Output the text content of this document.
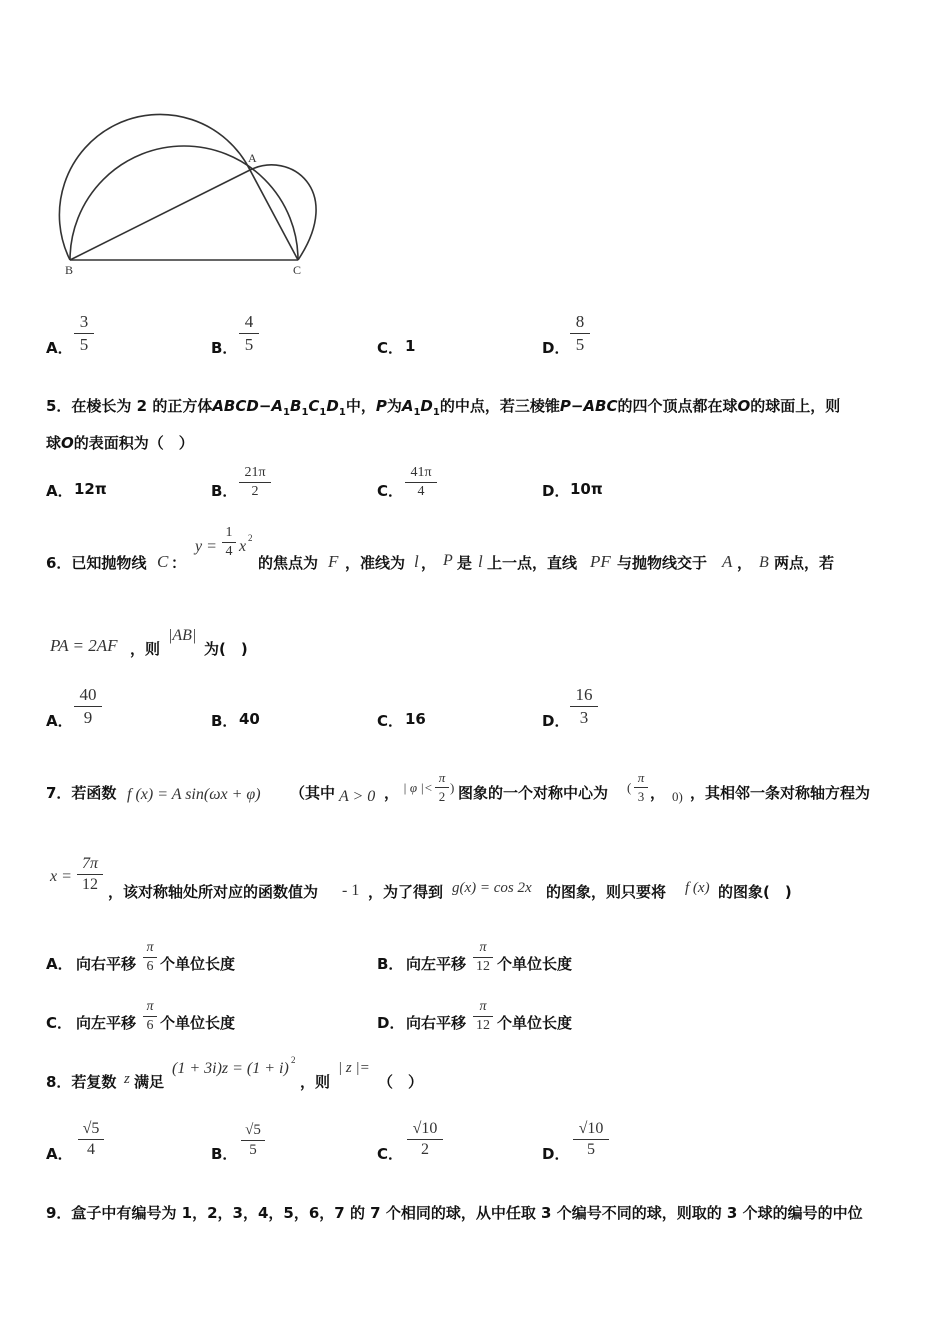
A
B	C
A．
3
5	B．
4
5	C． 1	D．
8
5
5．在棱长为 2 的正方体$ABCD-A_1B_1C_1D_1$中，P为$A_1D_1$的中点，若三棱锥P−ABC的四个顶点都在球O的球面上，则
球O的表面积为（　）
A． 12π	B．
21π
2	C．
41π
4	D． 10π
6．已知抛物线 C ：
y =
1
4 x 2
的焦点为 F ，准线为 l ， P 是 l 上一点，直线 PF 与抛物线交于 A ， B 两点，若
PA = 2AF ，则
|AB|
为(　)
A．
40
9	B． 40	C． 16	D．
16
3
7．若函数 f (x) = A sin(ωx + φ) （其中 A > 0 ， | φ |<
π
2
) 图象的一个对称中心为 (
π
3 ， 0) ，其相邻一条对称轴方程为
x =
7π
12 ，该对称轴处所对应的函数值为 - 1 ，为了得到 g(x) = cos 2x 的图象，则只要将 f (x) 的图象(　)
A． 向右平移
π
6 个单位长度	B． 向左平移
π
12 个单位长度
C． 向左平移
π
6 个单位长度	D． 向右平移
π
12 个单位长度
8．若复数 z 满足
(1 + 3i)z = (1 + i) 2
，则
| z |=
（　）
A．
√5
4	B．
√5
5	C．
√10
2	D．
√10
5
9．盒子中有编号为 1，2，3，4，5，6，7 的 7 个相同的球，从中任取 3 个编号不同的球，则取的 3 个球的编号的中位
